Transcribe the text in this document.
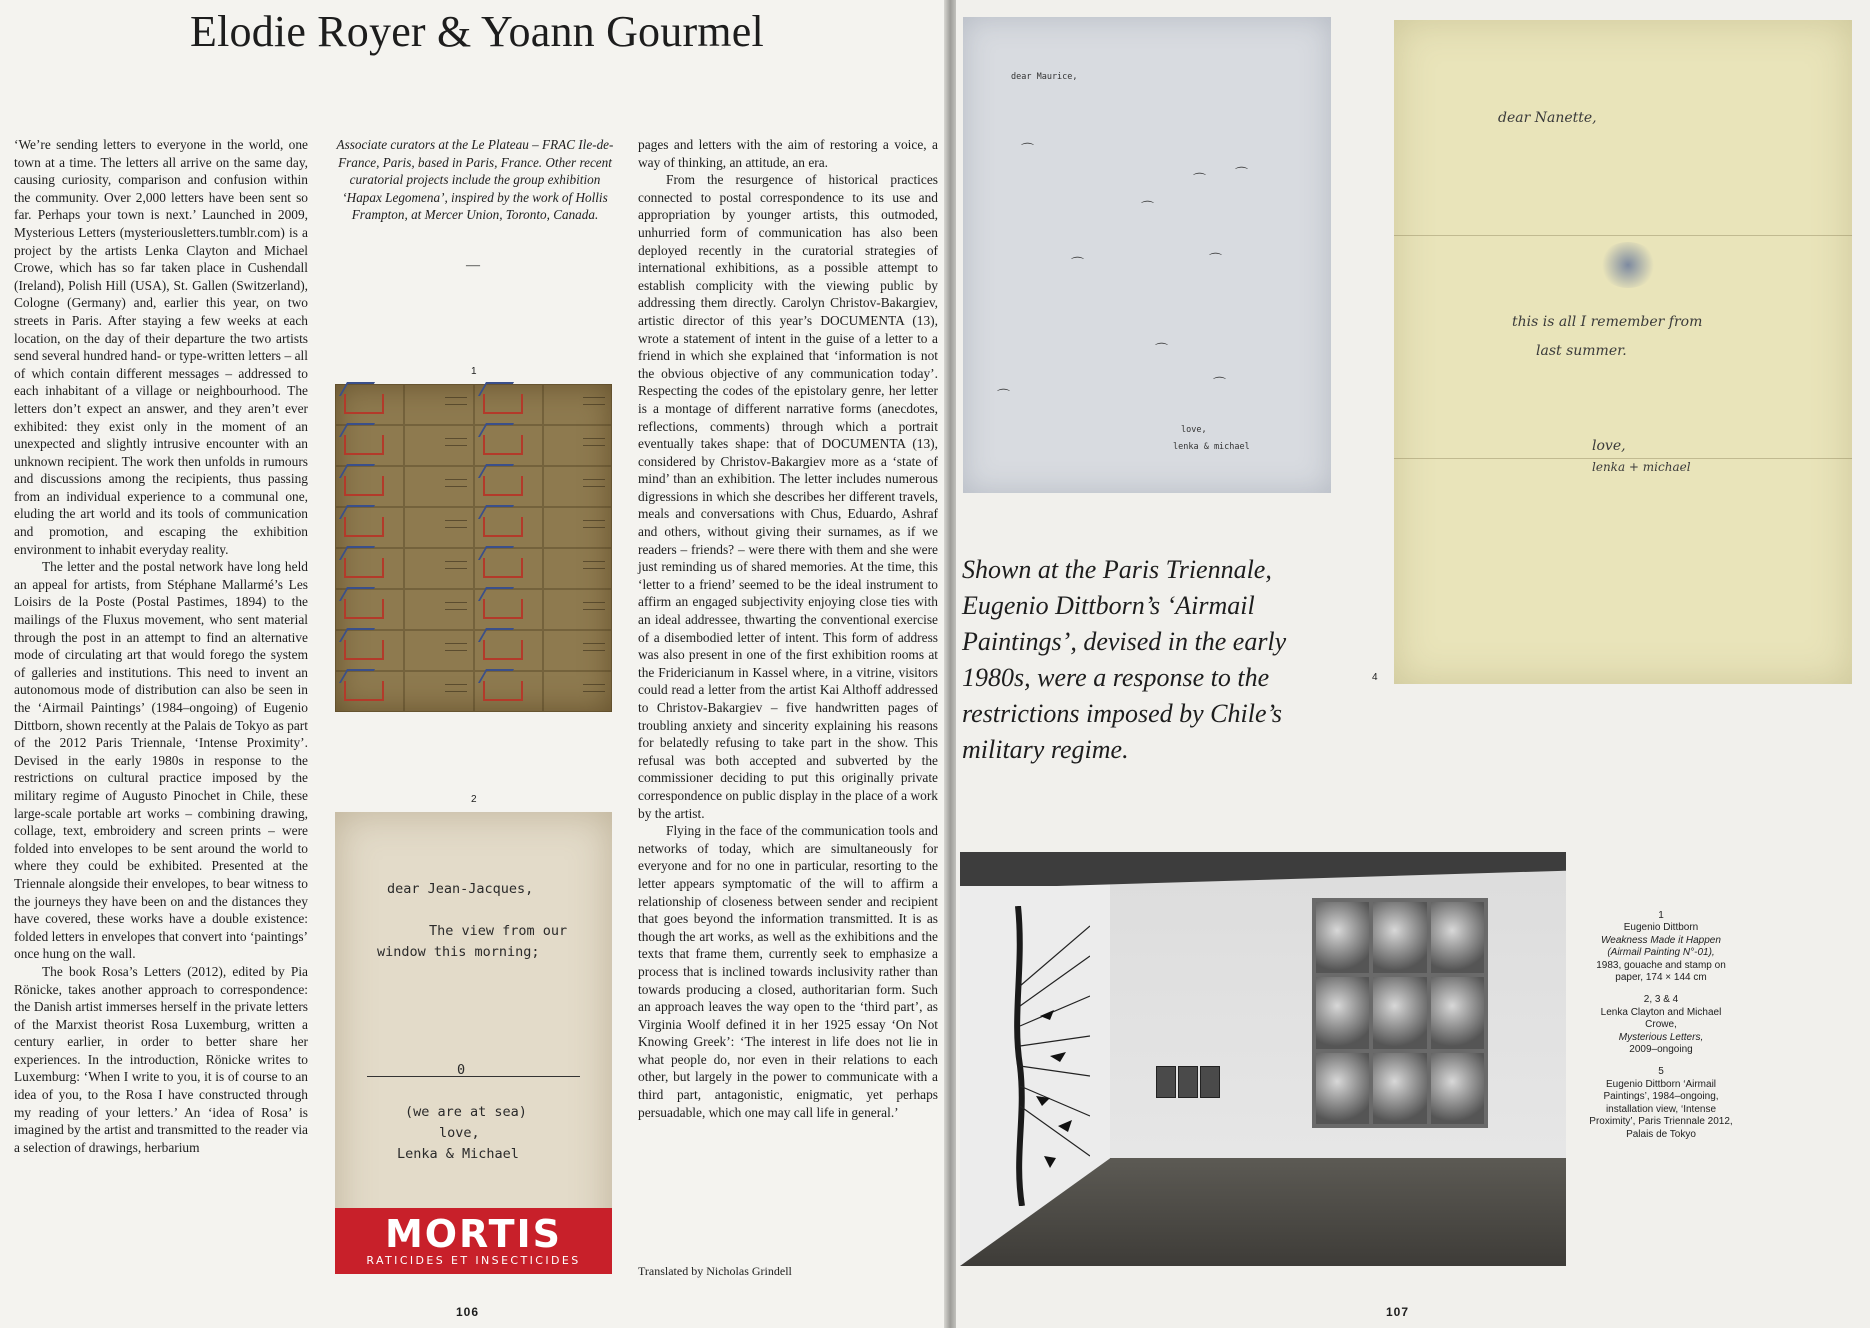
Elodie Royer & Yoann Gourmel

‘We’re sending letters to everyone in the world, one town at a time. The letters all arrive on the same day, causing curiosity, comparison and confusion within the community. Over 2,000 letters have been sent so far. Perhaps your town is next.’ Launched in 2009, Mysterious Letters (mysteriousletters.tumblr.com) is a project by the artists Lenka Clayton and Michael Crowe, which has so far taken place in Cushendall (Ireland), Polish Hill (USA), St. Gallen (Switzerland), Cologne (Germany) and, earlier this year, on two streets in Paris. After staying a few weeks at each location, on the day of their departure the two artists send several hundred hand- or type-written letters – all of which contain different messages – addressed to each inhabitant of a village or neighbourhood. The letters don’t expect an answer, and they aren’t ever exhibited: they exist only in the moment of an unexpected and slightly intrusive encounter with an unknown recipient. The work then unfolds in rumours and discussions among the recipients, thus passing from an individual experience to a communal one, eluding the art world and its tools of communication and promotion, and escaping the exhibition environment to inhabit everyday reality.

The letter and the postal network have long held an appeal for artists, from Stéphane Mallarmé’s Les Loisirs de la Poste (Postal Pastimes, 1894) to the mailings of the Fluxus movement, who sent material through the post in an attempt to find an alternative mode of circulating art that would forego the system of galleries and institutions. This need to invent an autonomous mode of distribution can also be seen in the ‘Airmail Paintings’ (1984–ongoing) of Eugenio Dittborn, shown recently at the Palais de Tokyo as part of the 2012 Paris Triennale, ‘Intense Proximity’. Devised in the early 1980s in response to the restrictions on cultural practice imposed by the military regime of Augusto Pinochet in Chile, these large-scale portable art works – combining drawing, collage, text, embroidery and screen prints – were folded into envelopes to be sent around the world to where they could be exhibited. Presented at the Triennale alongside their envelopes, to bear witness to the journeys they have been on and the distances they have covered, these works have a double existence: folded letters in envelopes that convert into ‘paintings’ once hung on the wall.

The book Rosa’s Letters (2012), edited by Pia Rönicke, takes another approach to correspondence: the Danish artist immerses herself in the private letters of the Marxist theorist Rosa Luxemburg, written a century earlier, in order to better share her experiences. In the introduction, Rönicke writes to Luxemburg: ‘When I write to you, it is of course to an idea of you, to the Rosa I have constructed through my reading of your letters.’ An ‘idea of Rosa’ is imagined by the artist and transmitted to the reader via a selection of drawings, herbarium

Associate curators at the Le Plateau – FRAC Ile-de-France, Paris, based in Paris, France. Other recent curatorial projects include the group exhibition ‘Hapax Legomena’, inspired by the work of Hollis Frampton, at Mercer Union, Toronto, Canada.

—
1
2
dear Jean-Jacques,
The view from our
window this morning;
0
(we are at sea)
love,
Lenka & Michael
MORTIS
RATICIDES ET INSECTICIDES

pages and letters with the aim of restoring a voice, a way of thinking, an attitude, an era.

From the resurgence of historical practices connected to postal correspondence to its use and appropriation by younger artists, this outmoded, unhurried form of communication has also been deployed recently in the curatorial strategies of international exhibitions, as a possible attempt to establish complicity with the viewing public by addressing them directly. Carolyn Christov-Bakargiev, artistic director of this year’s DOCUMENTA (13), wrote a statement of intent in the guise of a letter to a friend in which she explained that ‘information is not the obvious objective of any communication today’. Respecting the codes of the epistolary genre, her letter is a montage of different narrative forms (anecdotes, reflections, comments) through which a portrait eventually takes shape: that of DOCUMENTA (13), considered by Christov-Bakargiev more as a ‘state of mind’ than an exhibition. The letter includes numerous digressions in which she describes her different travels, meals and conversations with Chus, Eduardo, Ashraf and others, without giving their surnames, as if we readers – friends? – were there with them and she were just reminding us of shared memories. At the time, this ‘letter to a friend’ seemed to be the ideal instrument to affirm an engaged subjectivity enjoying close ties with an ideal addressee, thwarting the conventional exercise of a disembodied letter of intent. This form of address was also present in one of the first exhibition rooms at the Fridericianum in Kassel where, in a vitrine, visitors could read a letter from the artist Kai Althoff addressed to Christov-Bakargiev – five handwritten pages of troubling anxiety and sincerity explaining his reasons for belatedly refusing to take part in the show. This refusal was both accepted and subverted by the commissioner deciding to put this originally private correspondence on public display in the place of a work by the artist.

Flying in the face of the communication tools and networks of today, which are simultaneously for everyone and for no one in particular, resorting to the letter appears symptomatic of the will to affirm a relationship of closeness between sender and recipient that goes beyond the information transmitted. It is as though the art works, as well as the exhibitions and the texts that frame them, currently seek to emphasize a process that is inclined towards inclusivity rather than towards producing a closed, authoritarian form. Such an approach leaves the way open to the ‘third part’, as Virginia Woolf defined it in her 1925 essay ‘On Not Knowing Greek’: ‘The interest in life does not lie in what people do, nor even in their relations to each other, but largely in the power to communicate with a third part, antagonistic, enigmatic, yet perhaps persuadable, which one may call life in general.’

Translated by Nicholas Grindell
106
dear Maurice,
⌒
⌒ ⌒
⌒
⌒	⌒
⌒
⌒
⌒
love,
lenka & michael
dear Nanette,
this is all I remember from
last summer.
love,
lenka + michael
4

Shown at the Paris Triennale, Eugenio Dittborn’s ‘Airmail Paintings’, devised in the early 1980s, were a response to the restrictions imposed by Chile’s military regime.

1
Eugenio Dittborn
Weakness Made it Happen (Airmail Painting N°-01),
1983, gouache and stamp on paper, 174 × 144 cm
2, 3 & 4
Lenka Clayton and Michael Crowe,
Mysterious Letters,
2009–ongoing
5
Eugenio Dittborn ‘Airmail Paintings’, 1984–ongoing, installation view, ‘Intense Proximity’, Paris Triennale 2012, Palais de Tokyo
107
